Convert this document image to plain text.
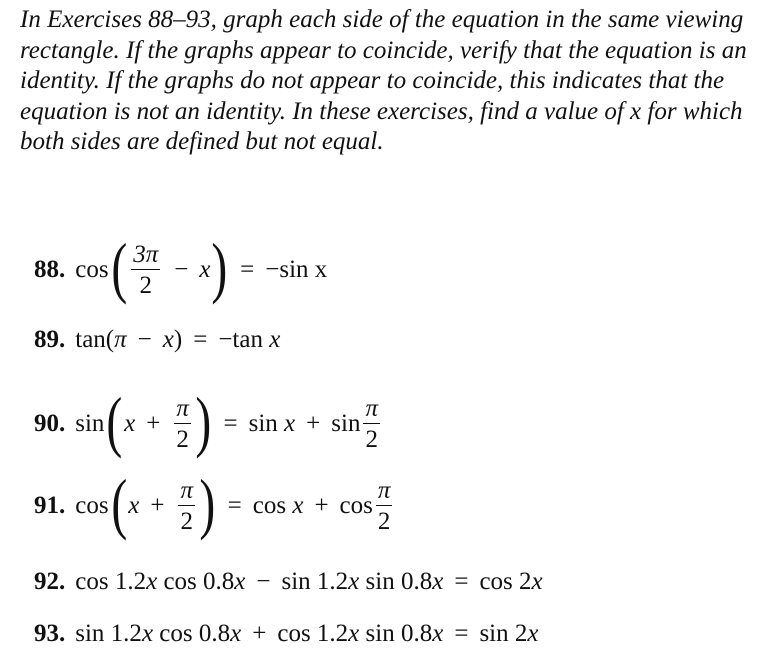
In Exercises 88–93, graph each side of the equation in the same viewing rectangle. If the graphs appear to coincide, verify that the equation is an identity. If the graphs do not appear to coincide, this indicates that the equation is not an identity. In these exercises, find a value of x for which both sides are defined but not equal.

88. cos ( $\frac{3\pi}{2} - x$ ) = −sin x
89. tan( π − x ) = −tan
x
90. sin ( $x + \frac{\pi}{2}$ ) = sin
$x + \sin \frac{\pi}{2}$
91. cos ( $x + \frac{\pi}{2}$ ) = cos
$x + \cos \frac{\pi}{2}$
92. cos 1.2 x cos 0.8 x − sin 1.2 x sin 0.8 x = cos 2 x
93. sin 1.2 x cos 0.8 x + cos 1.2 x sin 0.8 x = sin 2 x
